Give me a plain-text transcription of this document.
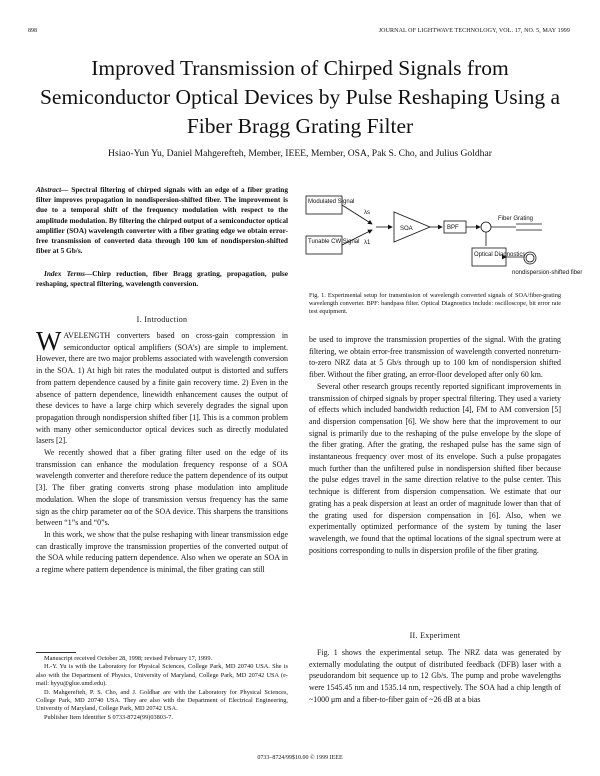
898	JOURNAL OF LIGHTWAVE TECHNOLOGY, VOL. 17, NO. 5, MAY 1999
Improved Transmission of Chirped Signals from Semiconductor Optical Devices by Pulse Reshaping Using a Fiber Bragg Grating Filter
Hsiao-Yun Yu, Daniel Mahgerefteh, Member, IEEE, Member, OSA, Pak S. Cho, and Julius Goldhar
Abstract— Spectral filtering of chirped signals with an edge of a fiber grating filter improves propagation in nondispersion-shifted fiber. The improvement is due to a temporal shift of the frequency modulation with respect to the amplitude modulation. By filtering the chirped output of a semiconductor optical amplifier (SOA) wavelength converter with a fiber grating edge we obtain error-free transmission of converted data through 100 km of nondispersion-shifted fiber at 5 Gb/s.
Index Terms—Chirp reduction, fiber Bragg grating, propagation, pulse reshaping, spectral filtering, wavelength conversion.
I. Introduction

WAVELENGTH converters based on cross-gain compression in semiconductor optical amplifiers (SOA’s) are simple to implement. However, there are two major problems associated with wavelength conversion in the SOA. 1) At high bit rates the modulated output is distorted and suffers from pattern dependence caused by a finite gain recovery time. 2) Even in the absence of pattern dependence, linewidth enhancement causes the output of these devices to have a large chirp which severely degrades the signal upon propagation through nondispersion shifted fiber [1]. This is a common problem with many other semiconductor optical devices such as directly modulated lasers [2].

We recently showed that a fiber grating filter used on the edge of its transmission can enhance the modulation frequency response of a SOA wavelength converter and therefore reduce the pattern dependence of its output [3]. The fiber grating converts strong phase modulation into amplitude modulation. When the slope of transmission versus frequency has the same sign as the chirp parameter αα of the SOA device. This sharpens the transitions between “1”s and “0”s.

In this work, we show that the pulse reshaping with linear transmission edge can drastically improve the transmission properties of the converted output of the SOA while reducing pattern dependence. Also when we operate an SOA in a regime where pattern dependence is minimal, the fiber grating can still

Manuscript received October 28, 1998; revised February 17, 1999.

H.-Y. Yu is with the Laboratory for Physical Sciences, College Park, MD 20740 USA. She is also with the Department of Physics, University of Maryland, College Park, MD 20742 USA (e-mail: hyyu@glue.umd.edu).

D. Mahgerefteh, P. S. Cho, and J. Goldhar are with the Laboratory for Physical Sciences, College Park, MD 20740 USA. They are also with the Department of Electrical Engineering, University of Maryland, College Park, MD 20742 USA.

Publisher Item Identifier S 0733-8724(99)03803-7.

Modulated Signal
Tunable CW Signal
λs
λ1
SOA	BPF
Fiber Grating
Optical Diagnostics
nondispersion-shifted fiber
Fig. 1. Experimental setup for transmission of wavelength converted signals of SOA/fiber-grating wavelength converter. BPF: bandpass filter. Optical Diagnostics include: oscilloscope, bit error rate test equipment.

be used to improve the transmission properties of the signal. With the grating filtering, we obtain error-free transmission of wavelength converted nonreturn-to-zero NRZ data at 5 Gb/s through up to 100 km of nondispersion shifted fiber. Without the fiber grating, an error-floor developed after only 60 km.

Several other research groups recently reported significant improvements in transmission of chirped signals by proper spectral filtering. They used a variety of effects which included bandwidth reduction [4], FM to AM conversion [5] and dispersion compensation [6]. We show here that the improvement to our signal is primarily due to the reshaping of the pulse envelope by the slope of the fiber grating. After the grating, the reshaped pulse has the same sign of instantaneous frequency over most of its envelope. Such a pulse propagates much further than the unfiltered pulse in nondispersion shifted fiber because the pulse edges travel in the same direction relative to the pulse center. This technique is different from dispersion compensation. We estimate that our grating has a peak dispersion at least an order of magnitude lower than that of the grating used for dispersion compensation in [6]. Also, when we experimentally optimized performance of the system by tuning the laser wavelength, we found that the optimal locations of the signal spectrum were at positions corresponding to nulls in dispersion profile of the fiber grating.

II. Experiment

Fig. 1 shows the experimental setup. The NRZ data was generated by externally modulating the output of distributed feedback (DFB) laser with a pseudorandom bit sequence up to 12 Gb/s. The pump and probe wavelengths were 1545.45 nm and 1535.14 nm, respectively. The SOA had a chip length of ~1000 μm and a fiber-to-fiber gain of ~26 dB at a bias

0733–8724/99$10.00 © 1999 IEEE
